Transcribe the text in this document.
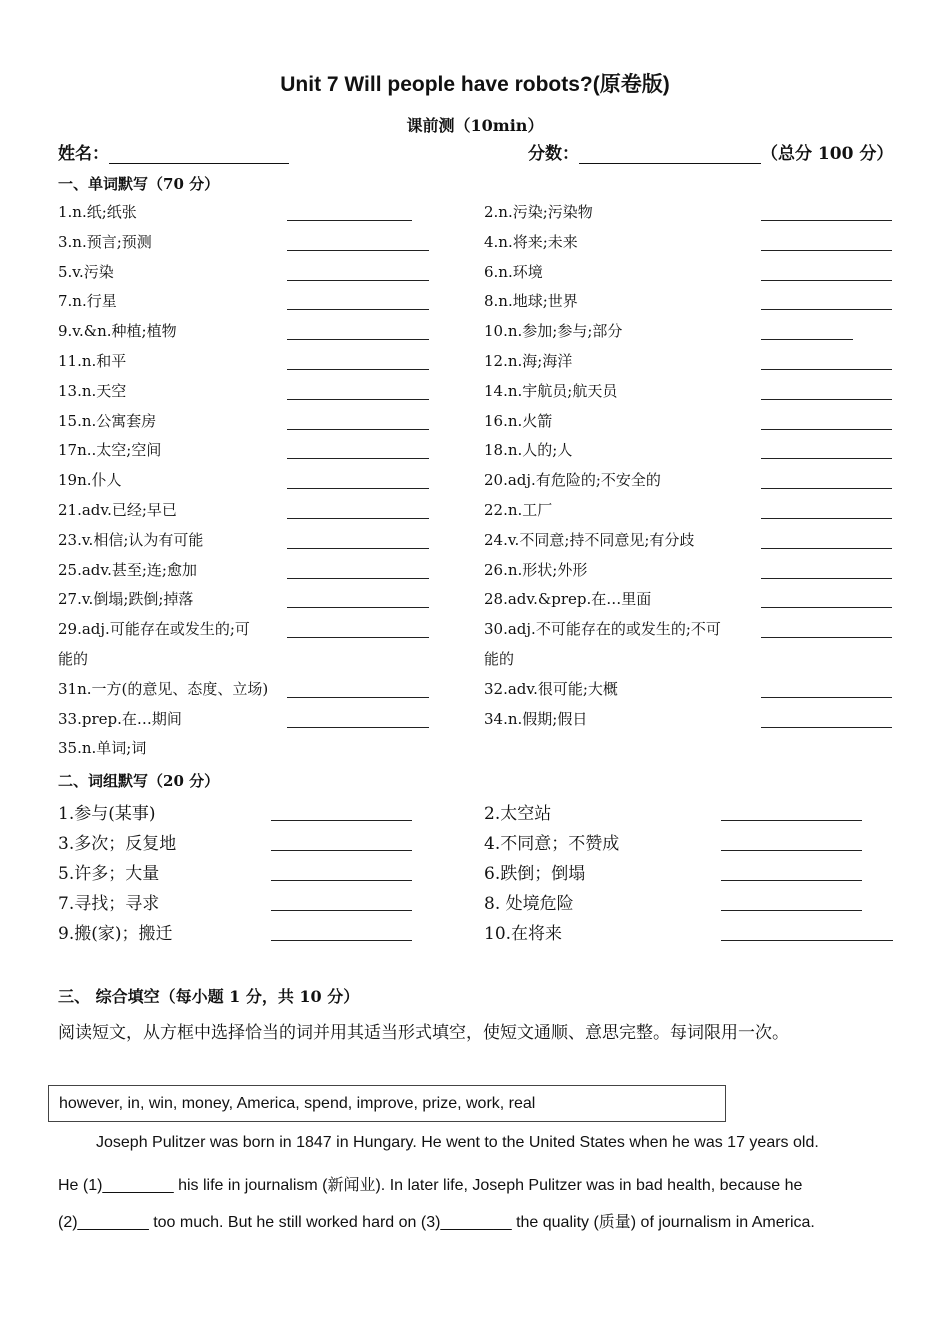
Unit 7 Will people have robots?(原卷版)
课前测（10min）
姓名：	分数：	（总分 100 分）
一、单词默写（70 分）
1.n.纸;纸张
3.n.预言;预测
5.v.污染
7.n.行星
9.v.&n.种植;植物
11.n.和平
13.n.天空
15.n.公寓套房
17n..太空;空间
19n.仆人
21.adv.已经;早已
23.v.相信;认为有可能
25.adv.甚至;连;愈加
27.v.倒塌;跌倒;掉落
29.adj.可能存在或发生的;可
能的
31n.一方(的意见、态度、立场)
33.prep.在…期间
35.n.单词;词
2.n.污染;污染物
4.n.将来;未来
6.n.环境
8.n.地球;世界
10.n.参加;参与;部分
12.n.海;海洋
14.n.宇航员;航天员
16.n.火箭
18.n.人的;人
20.adj.有危险的;不安全的
22.n.工厂
24.v.不同意;持不同意见;有分歧
26.n.形状;外形
28.adv.&prep.在…里面
30.adj.不可能存在的或发生的;不可
能的
32.adv.很可能;大概
34.n.假期;假日
二、词组默写（20 分）
1.参与(某事)
3.多次；反复地
5.许多；大量
7.寻找；寻求
9.搬(家)；搬迁
2.太空站
4.不同意；不赞成
6.跌倒；倒塌
8. 处境危险
10.在将来
三、 综合填空（每小题 1 分，共 10 分）
阅读短文，从方框中选择恰当的词并用其适当形式填空，使短文通顺、意思完整。每词限用一次。
however, in, win, money, America, spend, improve, prize, work, real
Joseph Pulitzer was born in 1847 in Hungary. He went to the United States when he was 17 years old.
He (1)________ his life in journalism (新闻业). In later life, Joseph Pulitzer was in bad health, because he
(2)________ too much. But he still worked hard on (3)________ the quality (质量) of journalism in America.
